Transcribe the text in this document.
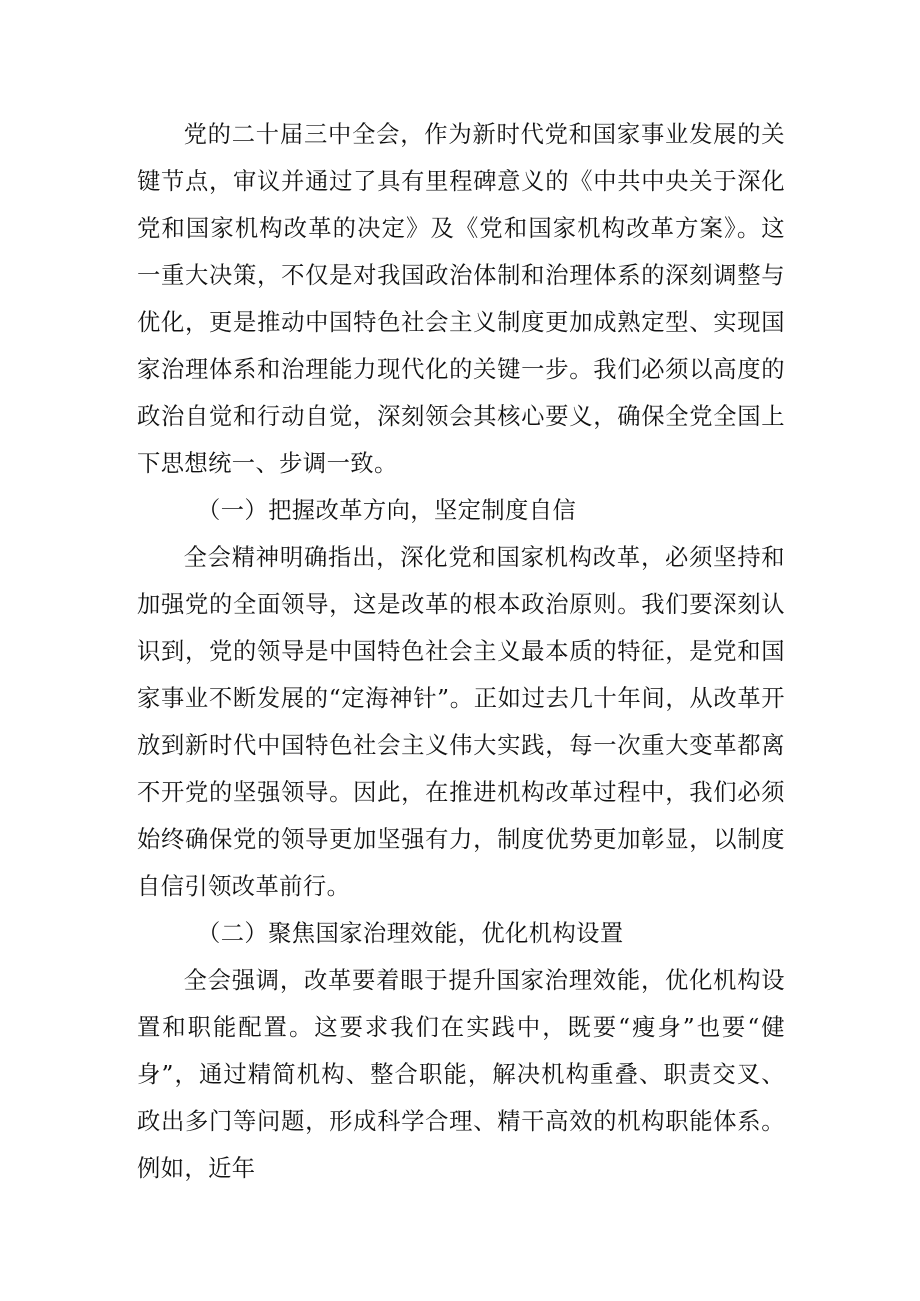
党的二十届三中全会，作为新时代党和国家事业发展的关键节点，审议并通过了具有里程碑意义的《中共中央关于深化党和国家机构改革的决定》及《党和国家机构改革方案》。这一重大决策，不仅是对我国政治体制和治理体系的深刻调整与优化，更是推动中国特色社会主义制度更加成熟定型、实现国家治理体系和治理能力现代化的关键一步。我们必须以高度的政治自觉和行动自觉，深刻领会其核心要义，确保全党全国上下思想统一、步调一致。

（一）把握改革方向，坚定制度自信

全会精神明确指出，深化党和国家机构改革，必须坚持和加强党的全面领导，这是改革的根本政治原则。我们要深刻认识到，党的领导是中国特色社会主义最本质的特征，是党和国家事业不断发展的“定海神针”。正如过去几十年间，从改革开放到新时代中国特色社会主义伟大实践，每一次重大变革都离不开党的坚强领导。因此，在推进机构改革过程中，我们必须始终确保党的领导更加坚强有力，制度优势更加彰显，以制度自信引领改革前行。

（二）聚焦国家治理效能，优化机构设置

全会强调，改革要着眼于提升国家治理效能，优化机构设置和职能配置。这要求我们在实践中，既要“瘦身”也要“健身”，通过精简机构、整合职能，解决机构重叠、职责交叉、政出多门等问题，形成科学合理、精干高效的机构职能体系。例如，近年
